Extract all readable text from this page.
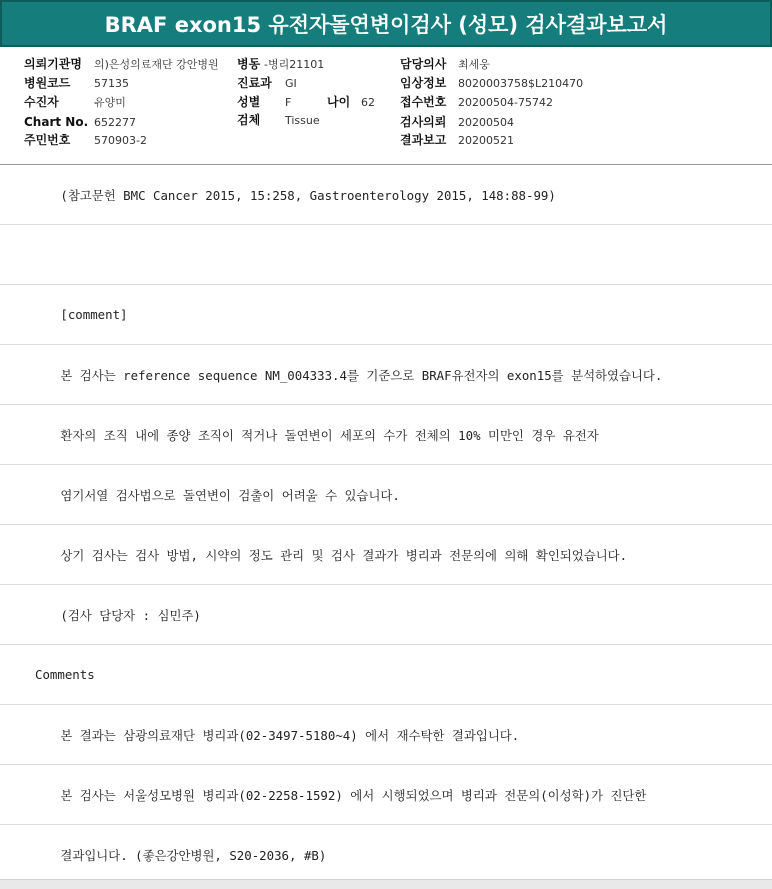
BRAF exon15 유전자돌연변이검사 (성모) 검사결과보고서
의뢰기관명 의)은성의료재단 강안병원
병원코드 57135
수진자	유양미
Chart No. 652277
주민번호 570903-2
병동 -병리21101
진료과 GI
성별 F	나이 62
검체 Tissue
담당의사 최세웅
임상정보 8020003758$L210470
접수번호 20200504-75742
검사의뢰 20200504
결과보고 20200521
(참고문헌 BMC Cancer 2015, 15:258, Gastroenterology 2015, 148:88-99)
[comment]
본 검사는 reference sequence NM_004333.4를 기준으로 BRAF유전자의 exon15를 분석하였습니다.
환자의 조직 내에 종양 조직이 적거나 돌연변이 세포의 수가 전체의 10% 미만인 경우 유전자
염기서열 검사법으로 돌연변이 검출이 어려울 수 있습니다.
상기 검사는 검사 방법, 시약의 정도 관리 및 검사 결과가 병리과 전문의에 의해 확인되었습니다.
(검사 담당자 : 심민주)
Comments
본 결과는 삼광의료재단 병리과(02-3497-5180~4) 에서 재수탁한 결과입니다.
본 검사는 서울성모병원 병리과(02-2258-1592) 에서 시행되었으며 병리과 전문의(이성학)가 진단한
결과입니다. (좋은강안병원, S20-2036, #B)
